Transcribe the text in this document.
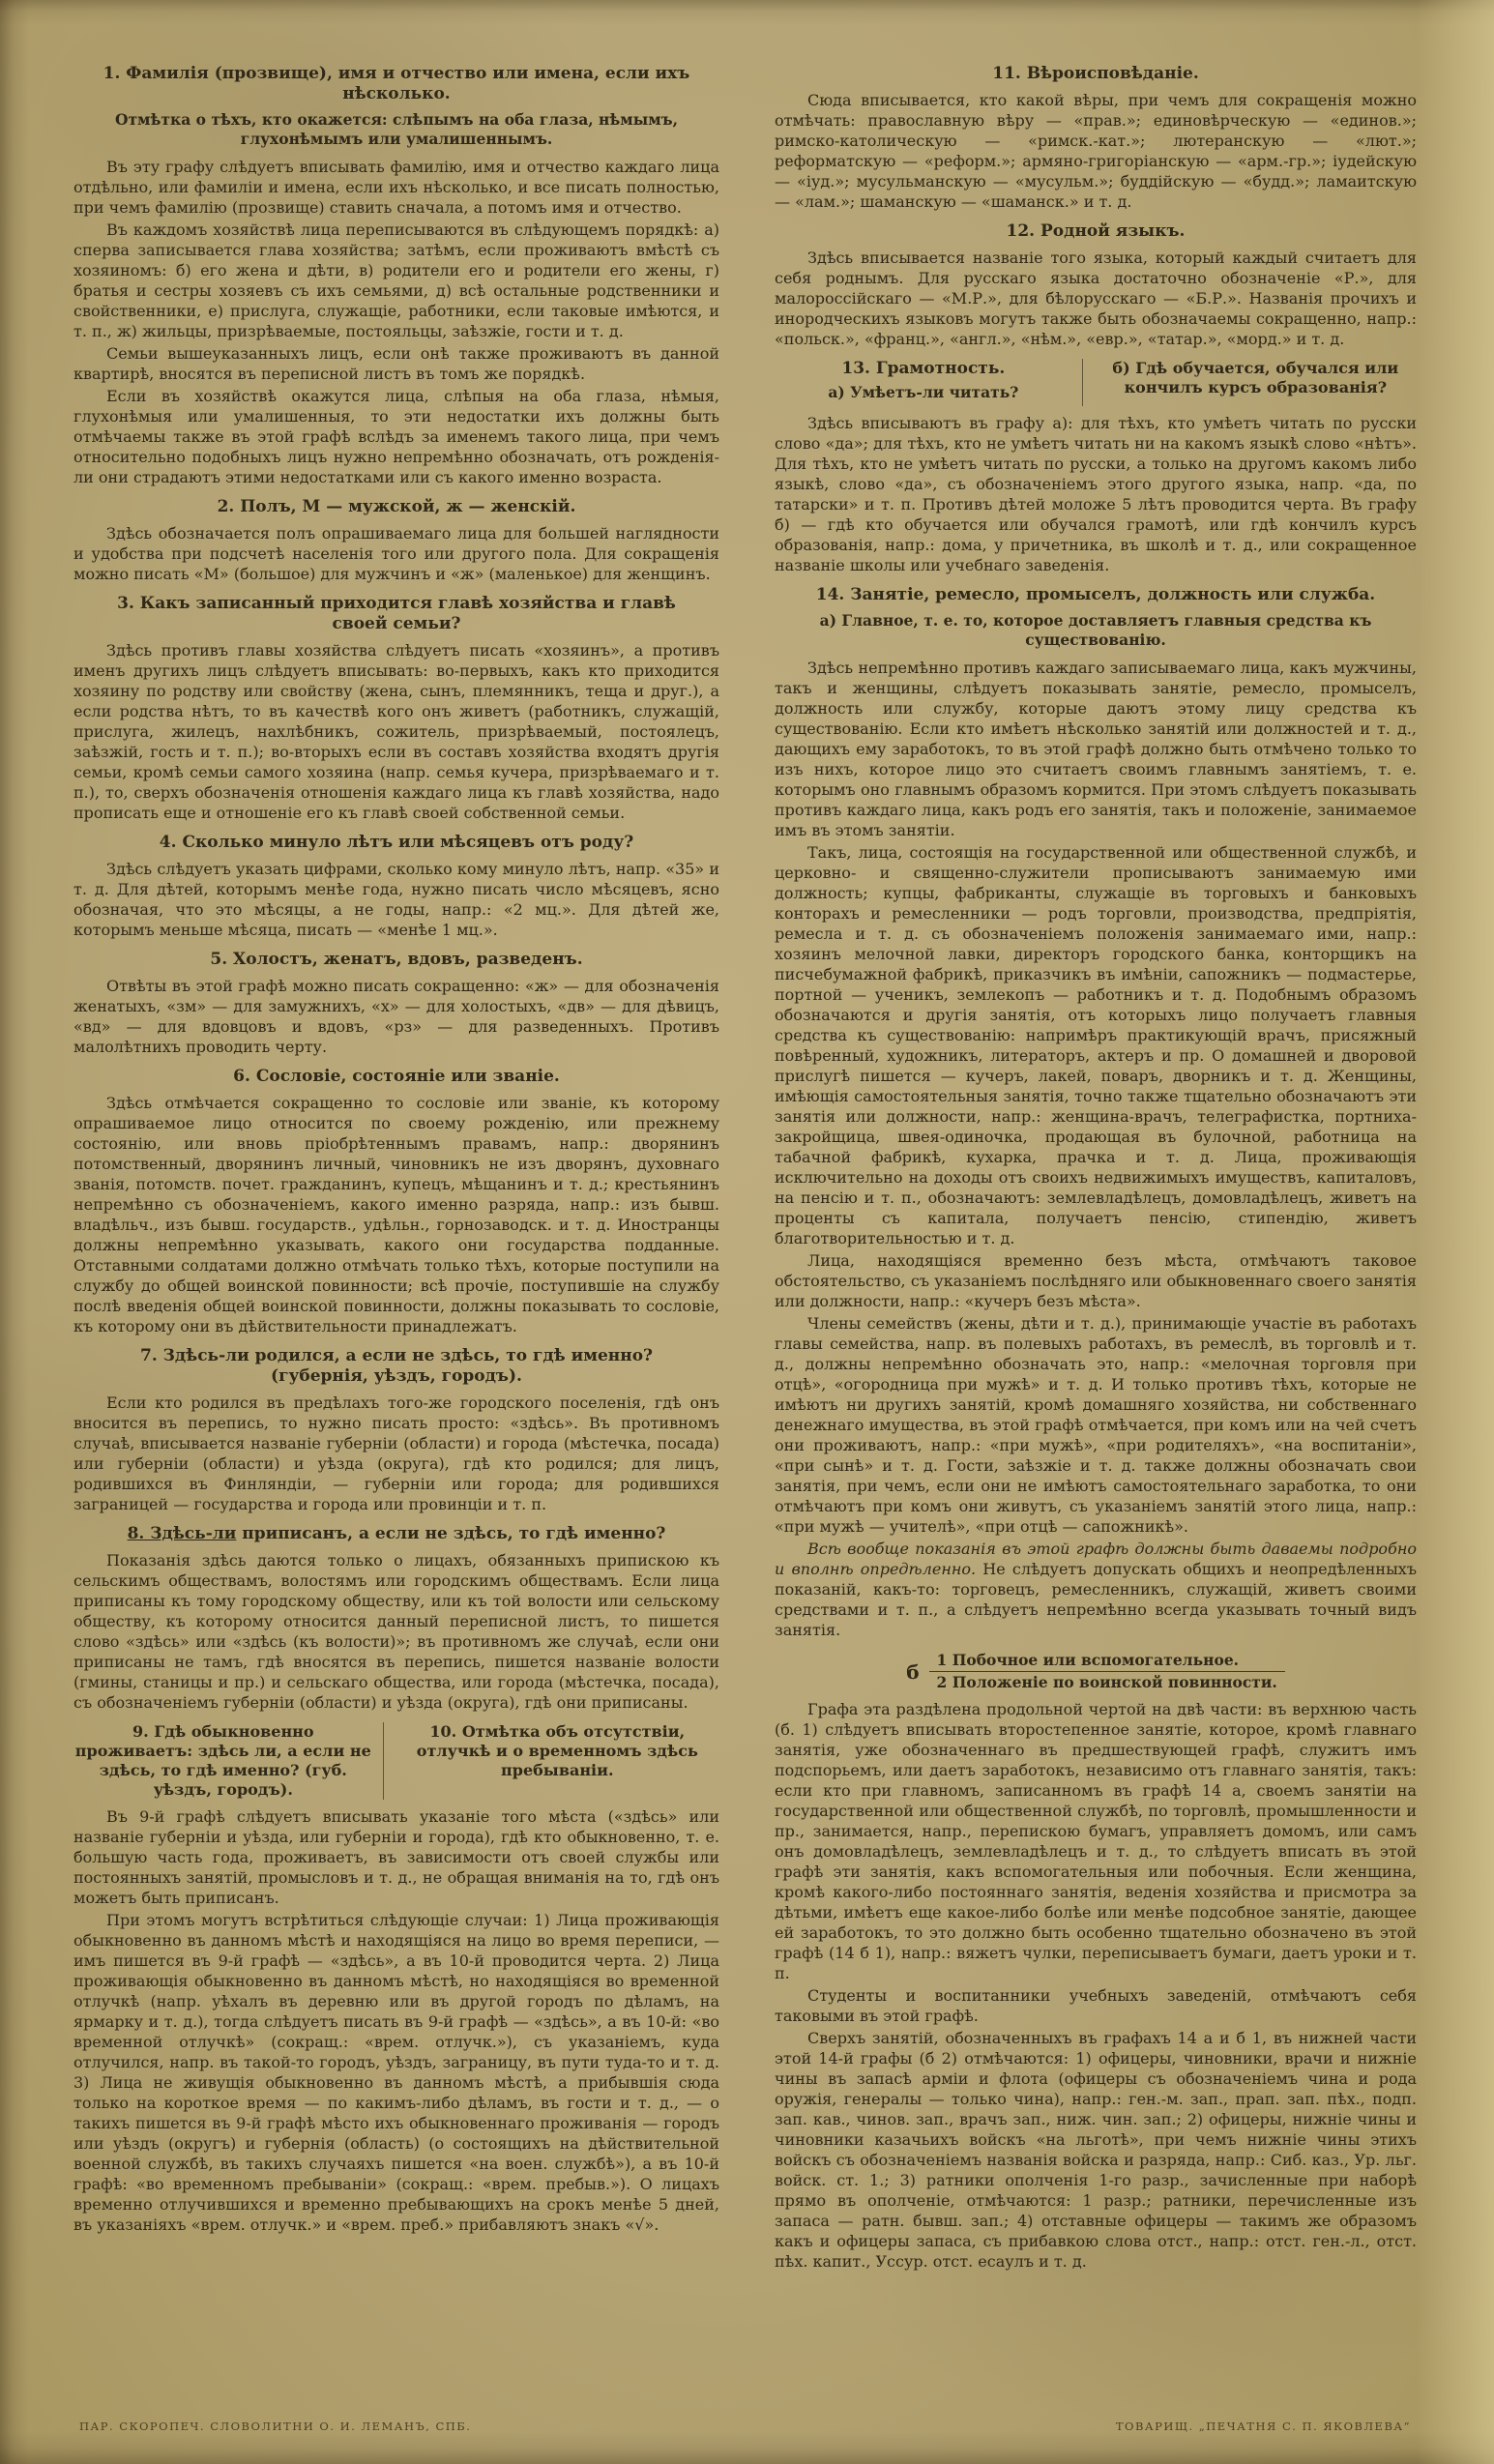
1. Фамилія (прозвище), имя и отчество или имена, если ихъ нѣсколько.
Отмѣтка о тѣхъ, кто окажется: слѣпымъ на оба глаза, нѣмымъ, глухонѣмымъ или умалишеннымъ.

Въ эту графу слѣдуетъ вписывать фамилію, имя и отчество каждаго лица отдѣльно, или фамиліи и имена, если ихъ нѣсколько, и все писать полностью, при чемъ фамилію (прозвище) ставить сначала, а потомъ имя и отчество.

Въ каждомъ хозяйствѣ лица переписываются въ слѣдующемъ порядкѣ: а) сперва записывается глава хозяйства; затѣмъ, если проживаютъ вмѣстѣ съ хозяиномъ: б) его жена и дѣти, в) родители его и родители его жены, г) братья и сестры хозяевъ съ ихъ семьями, д) всѣ остальные родственники и свойственники, е) прислуга, служащіе, работники, если таковые имѣются, и т. п., ж) жильцы, призрѣваемые, постояльцы, заѣзжіе, гости и т. д.

Семьи вышеуказанныхъ лицъ, если онѣ также проживаютъ въ данной квартирѣ, вносятся въ переписной листъ въ томъ же порядкѣ.

Если въ хозяйствѣ окажутся лица, слѣпыя на оба глаза, нѣмыя, глухонѣмыя или умалишенныя, то эти недостатки ихъ должны быть отмѣчаемы также въ этой графѣ вслѣдъ за именемъ такого лица, при чемъ относительно подобныхъ лицъ нужно непремѣнно обозначать, отъ рожденія-ли они страдаютъ этими недостатками или съ какого именно возраста.

2. Полъ, М — мужской, ж — женскій.

Здѣсь обозначается полъ опрашиваемаго лица для большей наглядности и удобства при подсчетѣ населенія того или другого пола. Для сокращенія можно писать «М» (большое) для мужчинъ и «ж» (маленькое) для женщинъ.

3. Какъ записанный приходится главѣ хозяйства и главѣ своей семьи?

Здѣсь противъ главы хозяйства слѣдуетъ писать «хозяинъ», а противъ именъ другихъ лицъ слѣдуетъ вписывать: во-первыхъ, какъ кто приходится хозяину по родству или свойству (жена, сынъ, племянникъ, теща и друг.), а если родства нѣтъ, то въ качествѣ кого онъ живетъ (работникъ, служащій, прислуга, жилецъ, нахлѣбникъ, сожитель, призрѣваемый, постоялецъ, заѣзжій, гость и т. п.); во-вторыхъ если въ составъ хозяйства входятъ другія семьи, кромѣ семьи самого хозяина (напр. семья кучера, призрѣваемаго и т. п.), то, сверхъ обозначенія отношенія каждаго лица къ главѣ хозяйства, надо прописать еще и отношеніе его къ главѣ своей собственной семьи.

4. Сколько минуло лѣтъ или мѣсяцевъ отъ роду?

Здѣсь слѣдуетъ указать цифрами, сколько кому минуло лѣтъ, напр. «35» и т. д. Для дѣтей, которымъ менѣе года, нужно писать число мѣсяцевъ, ясно обозначая, что это мѣсяцы, а не годы, напр.: «2 мц.». Для дѣтей же, которымъ меньше мѣсяца, писать — «менѣе 1 мц.».

5. Холостъ, женатъ, вдовъ, разведенъ.

Отвѣты въ этой графѣ можно писать сокращенно: «ж» — для обозначенія женатыхъ, «зм» — для замужнихъ, «х» — для холостыхъ, «дв» — для дѣвицъ, «вд» — для вдовцовъ и вдовъ, «рз» — для разведенныхъ. Противъ малолѣтнихъ проводить черту.

6. Сословіе, состояніе или званіе.

Здѣсь отмѣчается сокращенно то сословіе или званіе, къ которому опрашиваемое лицо относится по своему рожденію, или прежнему состоянію, или вновь пріобрѣтеннымъ правамъ, напр.: дворянинъ потомственный, дворянинъ личный, чиновникъ не изъ дворянъ, духовнаго званія, потомств. почет. гражданинъ, купецъ, мѣщанинъ и т. д.; крестьянинъ непремѣнно съ обозначеніемъ, какого именно разряда, напр.: изъ бывш. владѣльч., изъ бывш. государств., удѣльн., горнозаводск. и т. д. Иностранцы должны непремѣнно указывать, какого они государства подданные. Отставными солдатами должно отмѣчать только тѣхъ, которые поступили на службу до общей воинской повинности; всѣ прочіе, поступившіе на службу послѣ введенія общей воинской повинности, должны показывать то сословіе, къ которому они въ дѣйствительности принадлежатъ.

7. Здѣсь-ли родился, а если не здѣсь, то гдѣ именно? (губернія, уѣздъ, городъ).

Если кто родился въ предѣлахъ того-же городского поселенія, гдѣ онъ вносится въ перепись, то нужно писать просто: «здѣсь». Въ противномъ случаѣ, вписывается названіе губерніи (области) и города (мѣстечка, посада) или губерніи (области) и уѣзда (округа), гдѣ кто родился; для лицъ, родившихся въ Финляндіи, — губерніи или города; для родившихся заграницей — государства и города или провинціи и т. п.

8. Здѣсь-ли приписанъ, а если не здѣсь, то гдѣ именно?

Показанія здѣсь даются только о лицахъ, обязанныхъ припискою къ сельскимъ обществамъ, волостямъ или городскимъ обществамъ. Если лица приписаны къ тому городскому обществу, или къ той волости или сельскому обществу, къ которому относится данный переписной листъ, то пишется слово «здѣсь» или «здѣсь (къ волости)»; въ противномъ же случаѣ, если они приписаны не тамъ, гдѣ вносятся въ перепись, пишется названіе волости (гмины, станицы и пр.) и сельскаго общества, или города (мѣстечка, посада), съ обозначеніемъ губерніи (области) и уѣзда (округа), гдѣ они приписаны.

9. Гдѣ обыкновенно проживаетъ: здѣсь ли, а если не здѣсь, то гдѣ именно? (губ. уѣздъ, городъ).
10. Отмѣтка объ отсутствіи, отлучкѣ и о временномъ здѣсь пребываніи.

Въ 9-й графѣ слѣдуетъ вписывать указаніе того мѣста («здѣсь» или названіе губерніи и уѣзда, или губерніи и города), гдѣ кто обыкновенно, т. е. большую часть года, проживаетъ, въ зависимости отъ своей службы или постоянныхъ занятій, промысловъ и т. д., не обращая вниманія на то, гдѣ онъ можетъ быть приписанъ.

При этомъ могутъ встрѣтиться слѣдующіе случаи: 1) Лица проживающія обыкновенно въ данномъ мѣстѣ и находящіяся на лицо во время переписи, — имъ пишется въ 9-й графѣ — «здѣсь», а въ 10-й проводится черта. 2) Лица проживающія обыкновенно въ данномъ мѣстѣ, но находящіяся во временной отлучкѣ (напр. уѣхалъ въ деревню или въ другой городъ по дѣламъ, на ярмарку и т. д.), тогда слѣдуетъ писать въ 9-й графѣ — «здѣсь», а въ 10-й: «во временной отлучкѣ» (сокращ.: «врем. отлучк.»), съ указаніемъ, куда отлучился, напр. въ такой-то городъ, уѣздъ, заграницу, въ пути туда-то и т. д. 3) Лица не живущія обыкновенно въ данномъ мѣстѣ, а прибывшія сюда только на короткое время — по какимъ-либо дѣламъ, въ гости и т. д., — о такихъ пишется въ 9-й графѣ мѣсто ихъ обыкновеннаго проживанія — городъ или уѣздъ (округъ) и губернія (область) (о состоящихъ на дѣйствительной военной службѣ, въ такихъ случаяхъ пишется «на воен. службѣ»), а въ 10-й графѣ: «во временномъ пребываніи» (сокращ.: «врем. пребыв.»). О лицахъ временно отлучившихся и временно пребывающихъ на срокъ менѣе 5 дней, въ указаніяхъ «врем. отлучк.» и «врем. преб.» прибавляютъ знакъ «√».

11. Вѣроисповѣданіе.

Сюда вписывается, кто какой вѣры, при чемъ для сокращенія можно отмѣчать: православную вѣру — «прав.»; единовѣрческую — «единов.»; римско-католическую — «римск.-кат.»; лютеранскую — «лют.»; реформатскую — «реформ.»; армяно-григоріанскую — «арм.-гр.»; іудейскую — «іуд.»; мусульманскую — «мусульм.»; буддійскую — «будд.»; ламаитскую — «лам.»; шаманскую — «шаманск.» и т. д.

12. Родной языкъ.

Здѣсь вписывается названіе того языка, который каждый считаетъ для себя роднымъ. Для русскаго языка достаточно обозначеніе «Р.», для малороссійскаго — «М.Р.», для бѣлорусскаго — «Б.Р.». Названія прочихъ и инородческихъ языковъ могутъ также быть обозначаемы сокращенно, напр.: «польск.», «франц.», «англ.», «нѣм.», «евр.», «татар.», «морд.» и т. д.

13. Грамотность.
а) Умѣетъ-ли читать?
б) Гдѣ обучается, обучался или кончилъ курсъ образованія?

Здѣсь вписываютъ въ графу а): для тѣхъ, кто умѣетъ читать по русски слово «да»; для тѣхъ, кто не умѣетъ читать ни на какомъ языкѣ слово «нѣтъ». Для тѣхъ, кто не умѣетъ читать по русски, а только на другомъ какомъ либо языкѣ, слово «да», съ обозначеніемъ этого другого языка, напр. «да, по татарски» и т. п. Противъ дѣтей моложе 5 лѣтъ проводится черта. Въ графу б) — гдѣ кто обучается или обучался грамотѣ, или гдѣ кончилъ курсъ образованія, напр.: дома, у причетника, въ школѣ и т. д., или сокращенное названіе школы или учебнаго заведенія.

14. Занятіе, ремесло, промыселъ, должность или служба.
а) Главное, т. е. то, которое доставляетъ главныя средства къ существованію.

Здѣсь непремѣнно противъ каждаго записываемаго лица, какъ мужчины, такъ и женщины, слѣдуетъ показывать занятіе, ремесло, промыселъ, должность или службу, которые даютъ этому лицу средства къ существованію. Если кто имѣетъ нѣсколько занятій или должностей и т. д., дающихъ ему заработокъ, то въ этой графѣ должно быть отмѣчено только то изъ нихъ, которое лицо это считаетъ своимъ главнымъ занятіемъ, т. е. которымъ оно главнымъ образомъ кормится. При этомъ слѣдуетъ показывать противъ каждаго лица, какъ родъ его занятія, такъ и положеніе, занимаемое имъ въ этомъ занятіи.

Такъ, лица, состоящія на государственной или общественной службѣ, и церковно- и священно-служители прописываютъ занимаемую ими должность; купцы, фабриканты, служащіе въ торговыхъ и банковыхъ конторахъ и ремесленники — родъ торговли, производства, предпріятія, ремесла и т. д. съ обозначеніемъ положенія занимаемаго ими, напр.: хозяинъ мелочной лавки, директоръ городского банка, конторщикъ на писчебумажной фабрикѣ, приказчикъ въ имѣніи, сапожникъ — подмастерье, портной — ученикъ, землекопъ — работникъ и т. д. Подобнымъ образомъ обозначаются и другія занятія, отъ которыхъ лицо получаетъ главныя средства къ существованію: напримѣръ практикующій врачъ, присяжный повѣренный, художникъ, литераторъ, актеръ и пр. О домашней и дворовой прислугѣ пишется — кучеръ, лакей, поваръ, дворникъ и т. д. Женщины, имѣющія самостоятельныя занятія, точно также тщательно обозначаютъ эти занятія или должности, напр.: женщина-врачъ, телеграфистка, портниха-закройщица, швея-одиночка, продающая въ булочной, работница на табачной фабрикѣ, кухарка, прачка и т. д. Лица, проживающія исключительно на доходы отъ своихъ недвижимыхъ имуществъ, капиталовъ, на пенсію и т. п., обозначаютъ: землевладѣлецъ, домовладѣлецъ, живетъ на проценты съ капитала, получаетъ пенсію, стипендію, живетъ благотворительностью и т. д.

Лица, находящіяся временно безъ мѣста, отмѣчаютъ таковое обстоятельство, съ указаніемъ послѣдняго или обыкновеннаго своего занятія или должности, напр.: «кучеръ безъ мѣста».

Члены семействъ (жены, дѣти и т. д.), принимающіе участіе въ работахъ главы семейства, напр. въ полевыхъ работахъ, въ ремеслѣ, въ торговлѣ и т. д., должны непремѣнно обозначать это, напр.: «мелочная торговля при отцѣ», «огородница при мужѣ» и т. д. И только противъ тѣхъ, которые не имѣютъ ни другихъ занятій, кромѣ домашняго хозяйства, ни собственнаго денежнаго имущества, въ этой графѣ отмѣчается, при комъ или на чей счетъ они проживаютъ, напр.: «при мужѣ», «при родителяхъ», «на воспитаніи», «при сынѣ» и т. д. Гости, заѣзжіе и т. д. также должны обозначать свои занятія, при чемъ, если они не имѣютъ самостоятельнаго заработка, то они отмѣчаютъ при комъ они живутъ, съ указаніемъ занятій этого лица, напр.: «при мужѣ — учителѣ», «при отцѣ — сапожникѣ».

Всѣ вообще показанія въ этой графѣ должны быть даваемы подробно и вполнѣ опредѣленно. Не слѣдуетъ допускать общихъ и неопредѣленныхъ показаній, какъ-то: торговецъ, ремесленникъ, служащій, живетъ своими средствами и т. п., а слѣдуетъ непремѣнно всегда указывать точный видъ занятія.

б	1 Побочное или вспомогательное.
2 Положеніе по воинской повинности.

Графа эта раздѣлена продольной чертой на двѣ части: въ верхнюю часть (б. 1) слѣдуетъ вписывать второстепенное занятіе, которое, кромѣ главнаго занятія, уже обозначеннаго въ предшествующей графѣ, служитъ имъ подспорьемъ, или даетъ заработокъ, независимо отъ главнаго занятія, такъ: если кто при главномъ, записанномъ въ графѣ 14 а, своемъ занятіи на государственной или общественной службѣ, по торговлѣ, промышленности и пр., занимается, напр., перепискою бумагъ, управляетъ домомъ, или самъ онъ домовладѣлецъ, землевладѣлецъ и т. д., то слѣдуетъ вписать въ этой графѣ эти занятія, какъ вспомогательныя или побочныя. Если женщина, кромѣ какого-либо постояннаго занятія, веденія хозяйства и присмотра за дѣтьми, имѣетъ еще какое-либо болѣе или менѣе подсобное занятіе, дающее ей заработокъ, то это должно быть особенно тщательно обозначено въ этой графѣ (14 б 1), напр.: вяжетъ чулки, переписываетъ бумаги, даетъ уроки и т. п.

Студенты и воспитанники учебныхъ заведеній, отмѣчаютъ себя таковыми въ этой графѣ.

Сверхъ занятій, обозначенныхъ въ графахъ 14 а и б 1, въ нижней части этой 14-й графы (б 2) отмѣчаются: 1) офицеры, чиновники, врачи и нижніе чины въ запасѣ арміи и флота (офицеры съ обозначеніемъ чина и рода оружія, генералы — только чина), напр.: ген.-м. зап., прап. зап. пѣх., подп. зап. кав., чинов. зап., врачъ зап., ниж. чин. зап.; 2) офицеры, нижніе чины и чиновники казачьихъ войскъ «на льготѣ», при чемъ нижніе чины этихъ войскъ съ обозначеніемъ названія войска и разряда, напр.: Сиб. каз., Ур. льг. войск. ст. 1.; 3) ратники ополченія 1-го разр., зачисленные при наборѣ прямо въ ополченіе, отмѣчаются: 1 разр.; ратники, перечисленные изъ запаса — ратн. бывш. зап.; 4) отставные офицеры — такимъ же образомъ какъ и офицеры запаса, съ прибавкою слова отст., напр.: отст. ген.-л., отст. пѣх. капит., Уссур. отст. есаулъ и т. д.

ПАР. СКОРОПЕЧ. СЛОВОЛИТНИ О. И. ЛЕМАНЪ, СПБ.	ТОВАРИЩ. „ПЕЧАТНЯ С. П. ЯКОВЛЕВА“
